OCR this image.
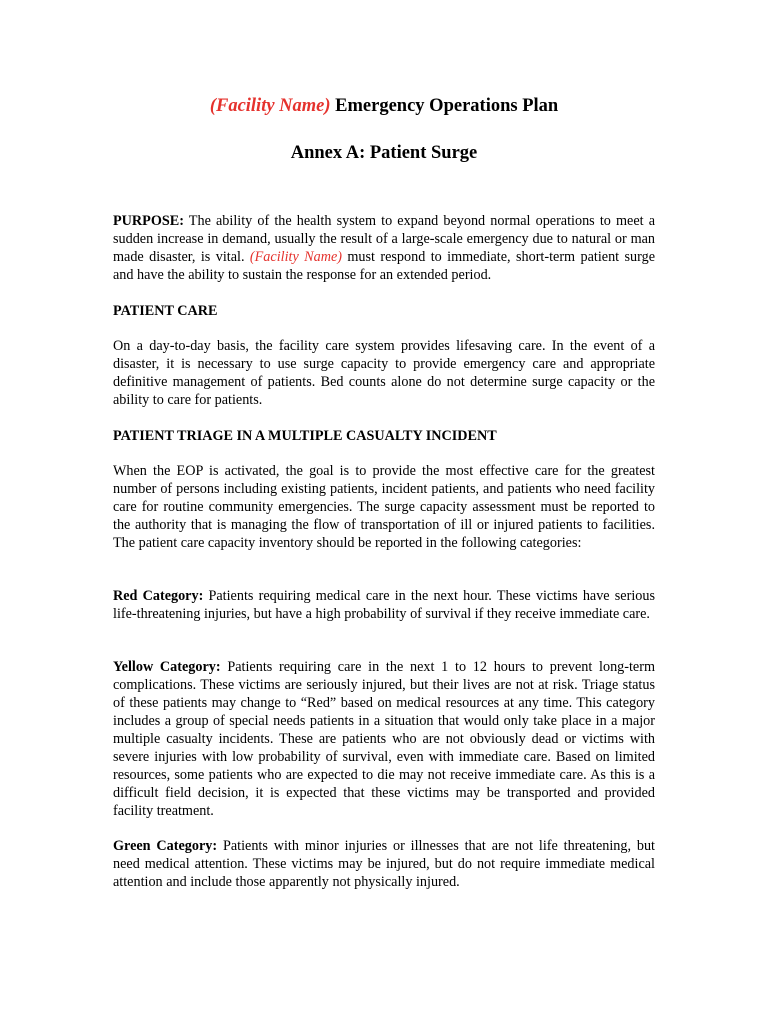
(Facility Name) Emergency Operations Plan
Annex A: Patient Surge

PURPOSE: The ability of the health system to expand beyond normal operations to meet a sudden increase in demand, usually the result of a large-scale emergency due to natural or man made disaster, is vital. (Facility Name) must respond to immediate, short-term patient surge and have the ability to sustain the response for an extended period.

PATIENT CARE

On a day-to-day basis, the facility care system provides lifesaving care. In the event of a disaster, it is necessary to use surge capacity to provide emergency care and appropriate definitive management of patients. Bed counts alone do not determine surge capacity or the ability to care for patients.

PATIENT TRIAGE IN A MULTIPLE CASUALTY INCIDENT

When the EOP is activated, the goal is to provide the most effective care for the greatest number of persons including existing patients, incident patients, and patients who need facility care for routine community emergencies. The surge capacity assessment must be reported to the authority that is managing the flow of transportation of ill or injured patients to facilities. The patient care capacity inventory should be reported in the following categories:

Red Category: Patients requiring medical care in the next hour. These victims have serious life-threatening injuries, but have a high probability of survival if they receive immediate care.

Yellow Category: Patients requiring care in the next 1 to 12 hours to prevent long-term complications. These victims are seriously injured, but their lives are not at risk. Triage status of these patients may change to “Red” based on medical resources at any time. This category includes a group of special needs patients in a situation that would only take place in a major multiple casualty incidents. These are patients who are not obviously dead or victims with severe injuries with low probability of survival, even with immediate care. Based on limited resources, some patients who are expected to die may not receive immediate care. As this is a difficult field decision, it is expected that these victims may be transported and provided facility treatment.

Green Category: Patients with minor injuries or illnesses that are not life threatening, but need medical attention. These victims may be injured, but do not require immediate medical attention and include those apparently not physically injured.
